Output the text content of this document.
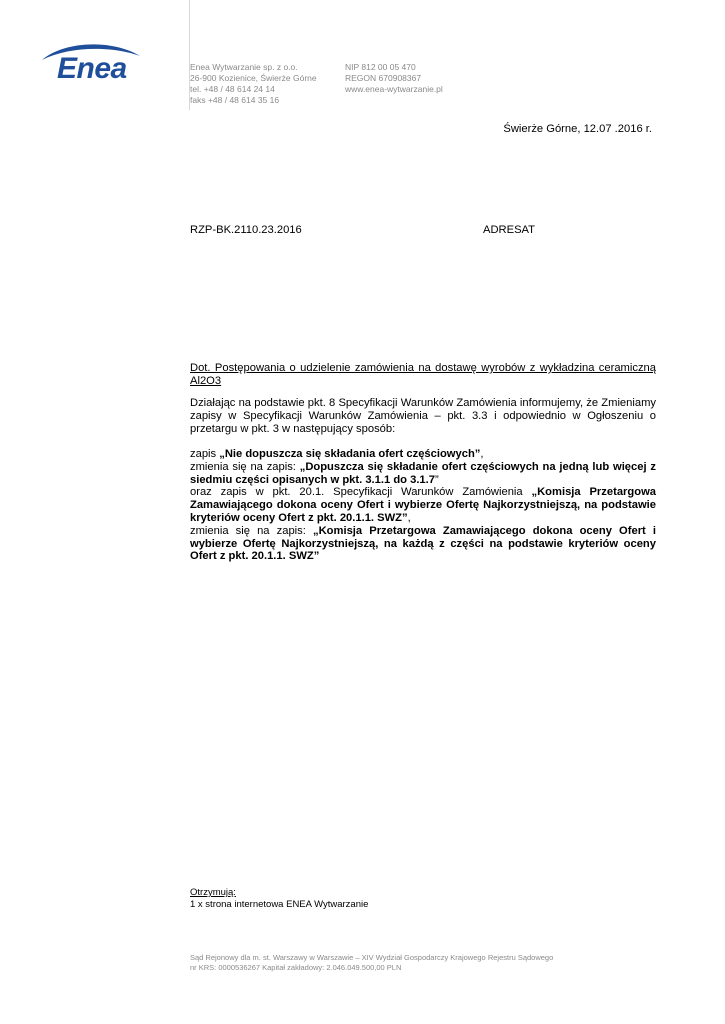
Enea	Enea Wytwarzanie sp. z o.o.
26-900 Kozienice, Świerże Górne
tel. +48 / 48 614 24 14
faks +48 / 48 614 35 16
NIP 812 00 05 470
REGON 670908367
www.enea-wytwarzanie.pl
Świerże Górne, 12.07 .2016 r.
RZP-BK.2110.23.2016	ADRESAT
Dot. Postępowania o udzielenie zamówienia na dostawę wyrobów z wykładzina ceramiczną Al2O3
Działając na podstawie pkt. 8 Specyfikacji Warunków Zamówienia informujemy, że Zmieniamy zapisy w Specyfikacji Warunków Zamówienia – pkt. 3.3 i odpowiednio w Ogłoszeniu o przetargu w pkt. 3 w następujący sposób:

zapis „Nie dopuszcza się składania ofert częściowych”,

zmienia się na zapis: „Dopuszcza się składanie ofert częściowych na jedną lub więcej z siedmiu części opisanych w pkt. 3.1.1 do 3.1.7”

oraz zapis w pkt. 20.1. Specyfikacji Warunków Zamówienia „Komisja Przetargowa Zamawiającego dokona oceny Ofert i wybierze Ofertę Najkorzystniejszą, na podstawie kryteriów oceny Ofert z pkt. 20.1.1. SWZ”,

zmienia się na zapis: „Komisja Przetargowa Zamawiającego dokona oceny Ofert i wybierze Ofertę Najkorzystniejszą, na każdą z części na podstawie kryteriów oceny Ofert z pkt. 20.1.1. SWZ”

Otrzymują:
1 x strona internetowa ENEA Wytwarzanie
Sąd Rejonowy dla m. st. Warszawy w Warszawie – XIV Wydział Gospodarczy Krajowego Rejestru Sądowego
nr KRS: 0000536267 Kapitał zakładowy: 2.046.049.500,00 PLN
